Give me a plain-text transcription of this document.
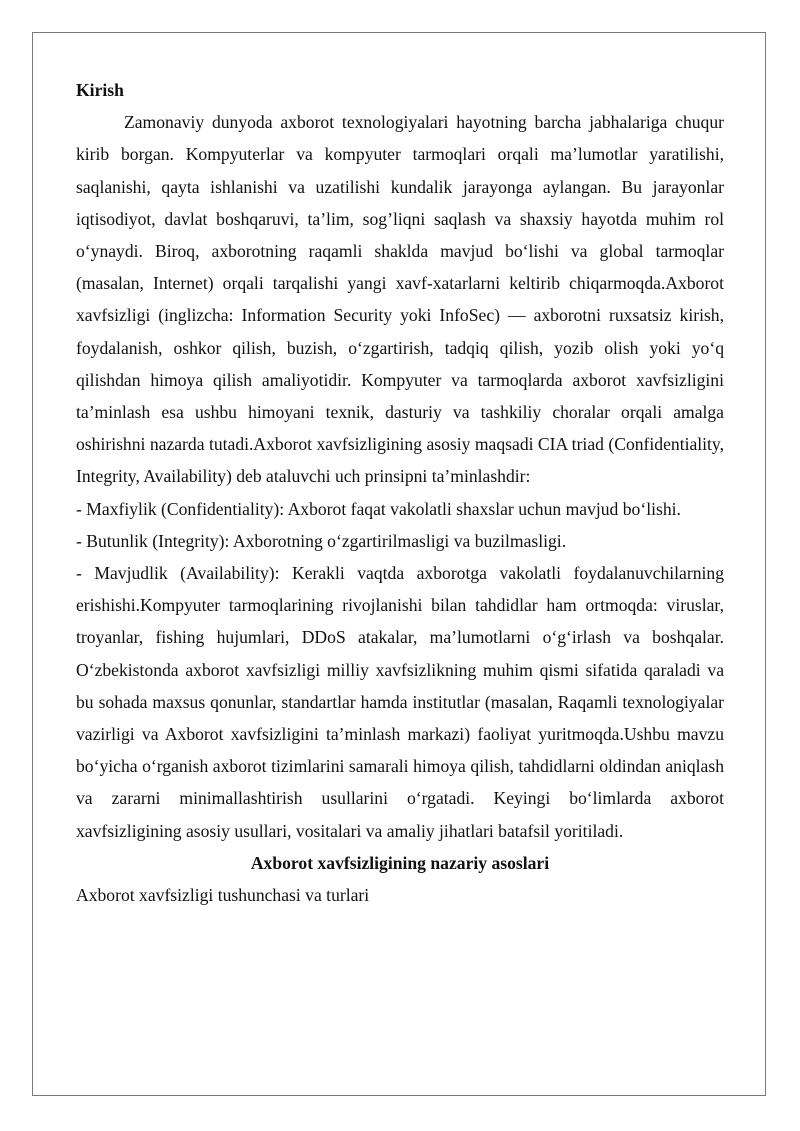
Kirish

Zamonaviy dunyoda axborot texnologiyalari hayotning barcha jabhalariga chuqur kirib borgan. Kompyuterlar va kompyuter tarmoqlari orqali ma’lumotlar yaratilishi, saqlanishi, qayta ishlanishi va uzatilishi kundalik jarayonga aylangan. Bu jarayonlar iqtisodiyot, davlat boshqaruvi, ta’lim, sog’liqni saqlash va shaxsiy hayotda muhim rol o‘ynaydi. Biroq, axborotning raqamli shaklda mavjud bo‘lishi va global tarmoqlar (masalan, Internet) orqali tarqalishi yangi xavf-xatarlarni keltirib chiqarmoqda.Axborot xavfsizligi (inglizcha: Information Security yoki InfoSec) — axborotni ruxsatsiz kirish, foydalanish, oshkor qilish, buzish, o‘zgartirish, tadqiq qilish, yozib olish yoki yo‘q qilishdan himoya qilish amaliyotidir. Kompyuter va tarmoqlarda axborot xavfsizligini ta’minlash esa ushbu himoyani texnik, dasturiy va tashkiliy choralar orqali amalga oshirishni nazarda tutadi.Axborot xavfsizligining asosiy maqsadi CIA triad (Confidentiality, Integrity, Availability) deb ataluvchi uch prinsipni ta’minlashdir:

- Maxfiylik (Confidentiality): Axborot faqat vakolatli shaxslar uchun mavjud bo‘lishi.

- Butunlik (Integrity): Axborotning o‘zgartirilmasligi va buzilmasligi.

- Mavjudlik (Availability): Kerakli vaqtda axborotga vakolatli foydalanuvchilarning erishishi.Kompyuter tarmoqlarining rivojlanishi bilan tahdidlar ham ortmoqda: viruslar, troyanlar, fishing hujumlari, DDoS atakalar, ma’lumotlarni o‘g‘irlash va boshqalar. O‘zbekistonda axborot xavfsizligi milliy xavfsizlikning muhim qismi sifatida qaraladi va bu sohada maxsus qonunlar, standartlar hamda institutlar (masalan, Raqamli texnologiyalar vazirligi va Axborot xavfsizligini ta’minlash markazi) faoliyat yuritmoqda.Ushbu mavzu bo‘yicha o‘rganish axborot tizimlarini samarali himoya qilish, tahdidlarni oldindan aniqlash va zararni minimallashtirish usullarini o‘rgatadi. Keyingi bo‘limlarda axborot xavfsizligining asosiy usullari, vositalari va amaliy jihatlari batafsil yoritiladi.

Axborot xavfsizligining nazariy asoslari

Axborot xavfsizligi tushunchasi va turlari
